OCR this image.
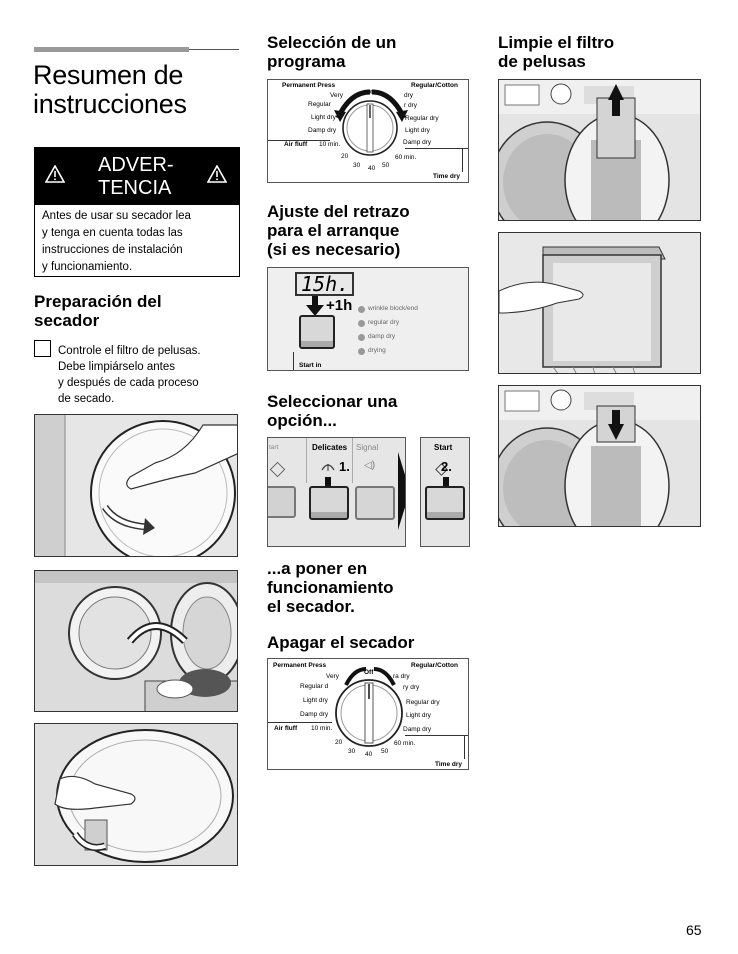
Resumen de
instrucciones
ADVER-
TENCIA
Antes de usar su secador lea
y tenga en cuenta todas las
instrucciones de instalación
y funcionamiento.
Preparación del
secador
Controle el filtro de pelusas.
Debe limpiárselo antes
y después de cada proceso
de secado.
Selección de un
programa
Permanent Press	Regular/Cotton
Off
Very
Regular
Light dry
Damp dry
dry
r dry
Regular dry
Light dry
Damp dry
Air fluff 10 min.
20
30 40 50
60 min.
Time dry
Ajuste del retrazo
para el arranque
(si es necesario)
15h.
+1h
Start in
wrinkle block/end
regular dry
damp dry
drying
Seleccionar una
opción...
tart	Delicates Signal
1. ◁)
Start
2.
...a poner en
funcionamiento
el secador.
Apagar el secador
Permanent Press	Regular/Cotton
Very
Off
ra dry
Regular d	ry dry
Light dry	Regular dry
Damp dry	Light dry
Damp dry
Air fluff 10 min.
20
30 40 50
60 min.
Time dry
Limpie el filtro
de pelusas
65
